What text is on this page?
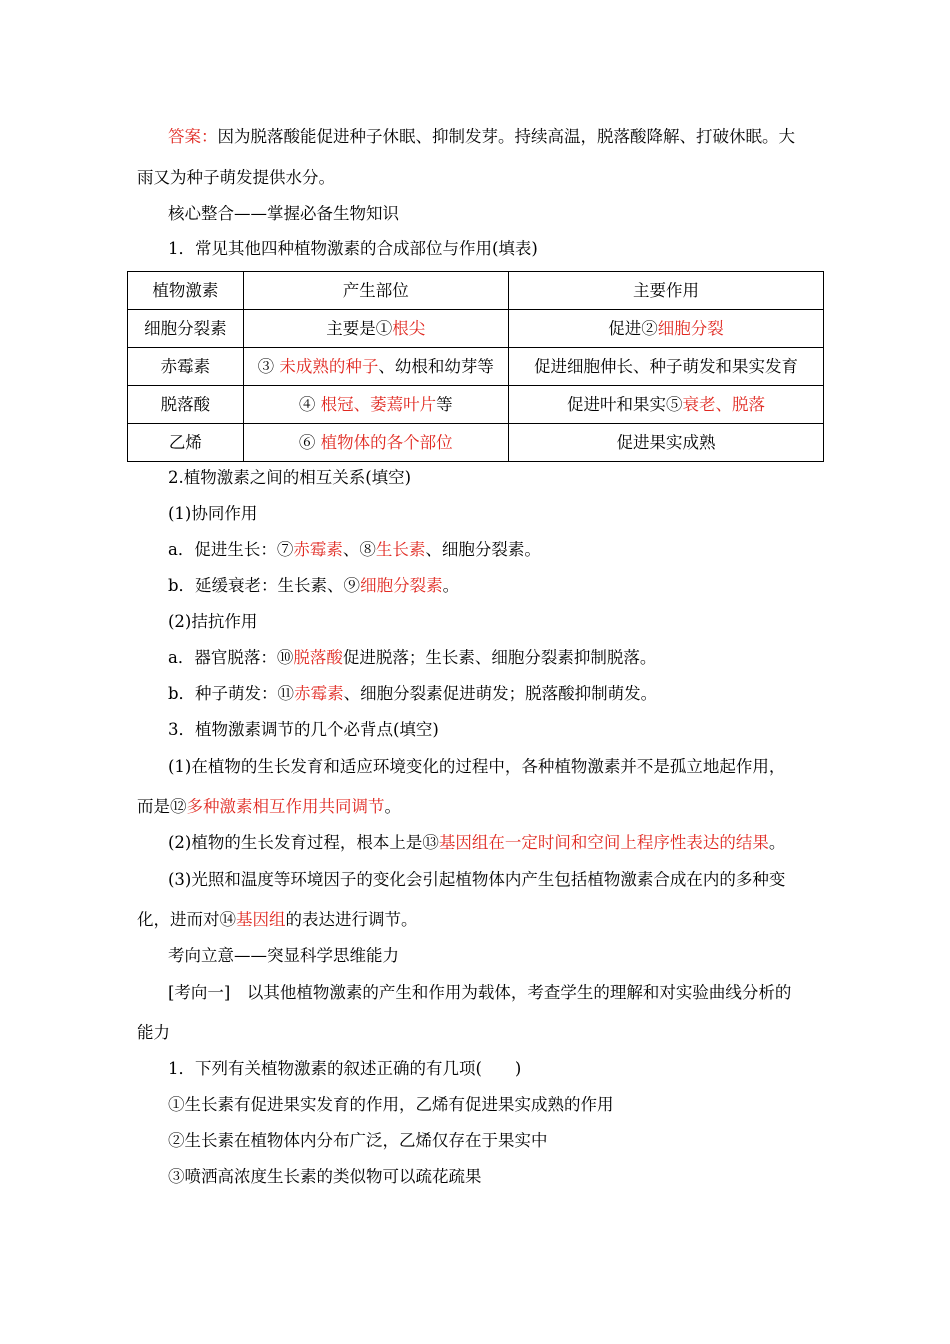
答案：因为脱落酸能促进种子休眠、抑制发芽。持续高温，脱落酸降解、打破休眠。大
雨又为种子萌发提供水分。
核心整合——掌握必备生物知识
1．常见其他四种植物激素的合成部位与作用(填表)
植物激素	产生部位	主要作用
细胞分裂素	主要是①根尖	促进②细胞分裂
赤霉素	③ 未成熟的种子、幼根和幼芽等	促进细胞伸长、种子萌发和果实发育
脱落酸	④ 根冠、萎蔫叶片等	促进叶和果实⑤衰老、脱落
乙烯	⑥ 植物体的各个部位	促进果实成熟
2.植物激素之间的相互关系(填空)
(1)协同作用
a．促进生长：⑦赤霉素、⑧生长素、细胞分裂素。
b．延缓衰老：生长素、⑨细胞分裂素。
(2)拮抗作用
a．器官脱落：⑩脱落酸促进脱落；生长素、细胞分裂素抑制脱落。
b．种子萌发：⑪赤霉素、细胞分裂素促进萌发；脱落酸抑制萌发。
3．植物激素调节的几个必背点(填空)
(1)在植物的生长发育和适应环境变化的过程中，各种植物激素并不是孤立地起作用，
而是⑫多种激素相互作用共同调节。
(2)植物的生长发育过程，根本上是⑬基因组在一定时间和空间上程序性表达的结果。
(3)光照和温度等环境因子的变化会引起植物体内产生包括植物激素合成在内的多种变
化，进而对⑭基因组的表达进行调节。
考向立意——突显科学思维能力
[考向一]　以其他植物激素的产生和作用为载体，考查学生的理解和对实验曲线分析的
能力
1．下列有关植物激素的叙述正确的有几项(　　)
①生长素有促进果实发育的作用，乙烯有促进果实成熟的作用
②生长素在植物体内分布广泛，乙烯仅存在于果实中
③喷洒高浓度生长素的类似物可以疏花疏果
